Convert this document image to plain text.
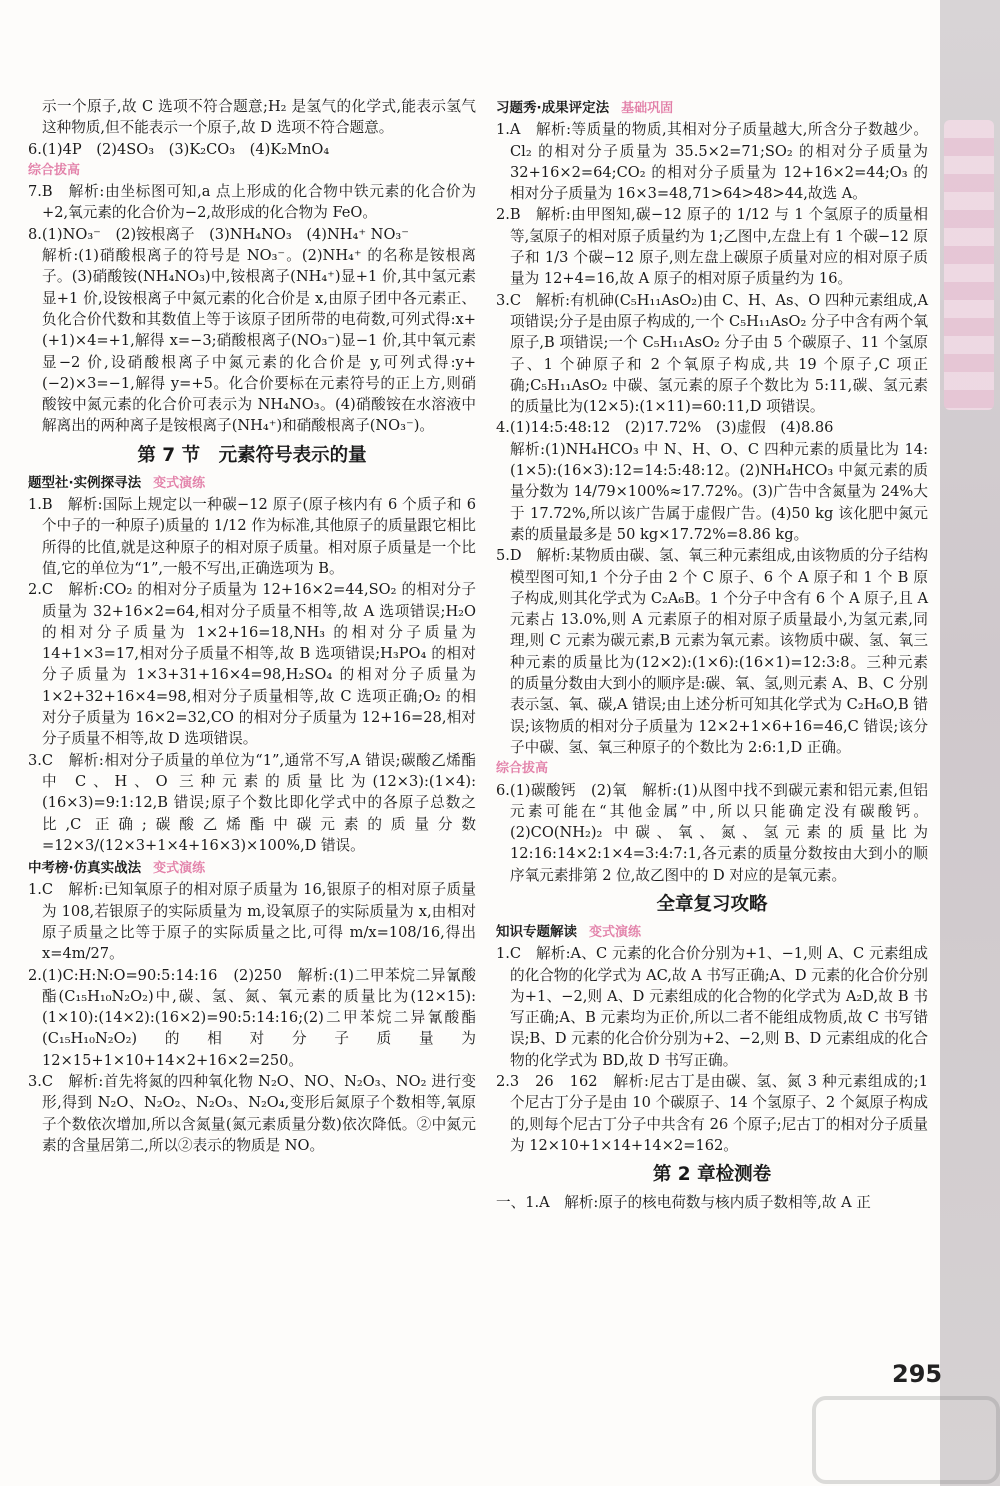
示一个原子,故 C 选项不符合题意;H₂ 是氢气的化学式,能表示氢气这种物质,但不能表示一个原子,故 D 选项不符合题意。
6.(1)4P　(2)4SO₃　(3)K₂CO₃　(4)K₂MnO₄
综合拔高
7.B　解析:由坐标图可知,a 点上形成的化合物中铁元素的化合价为+2,氧元素的化合价为−2,故形成的化合物为 FeO。
8.(1)NO₃⁻　(2)铵根离子　(3)NH₄NO₃　(4)NH₄⁺ NO₃⁻
解析:(1)硝酸根离子的符号是 NO₃⁻。(2)NH₄⁺ 的名称是铵根离子。(3)硝酸铵(NH₄NO₃)中,铵根离子(NH₄⁺)显+1 价,其中氢元素显+1 价,设铵根离子中氮元素的化合价是 x,由原子团中各元素正、负化合价代数和其数值上等于该原子团所带的电荷数,可列式得:x+(+1)×4=+1,解得 x=−3;硝酸根离子(NO₃⁻)显−1 价,其中氧元素显−2 价,设硝酸根离子中氮元素的化合价是 y,可列式得:y+(−2)×3=−1,解得 y=+5。化合价要标在元素符号的正上方,则硝酸铵中氮元素的化合价可表示为 NH₄NO₃。(4)硝酸铵在水溶液中解离出的两种离子是铵根离子(NH₄⁺)和硝酸根离子(NO₃⁻)。
第 7 节　元素符号表示的量
题型社·实例探寻法 变式演练
1.B　解析:国际上规定以一种碳−12 原子(原子核内有 6 个质子和 6 个中子的一种原子)质量的 1/12 作为标准,其他原子的质量跟它相比所得的比值,就是这种原子的相对原子质量。相对原子质量是一个比值,它的单位为“1”,一般不写出,正确选项为 B。
2.C　解析:CO₂ 的相对分子质量为 12+16×2=44,SO₂ 的相对分子质量为 32+16×2=64,相对分子质量不相等,故 A 选项错误;H₂O 的相对分子质量为 1×2+16=18,NH₃ 的相对分子质量为 14+1×3=17,相对分子质量不相等,故 B 选项错误;H₃PO₄ 的相对分子质量为 1×3+31+16×4=98,H₂SO₄ 的相对分子质量为 1×2+32+16×4=98,相对分子质量相等,故 C 选项正确;O₂ 的相对分子质量为 16×2=32,CO 的相对分子质量为 12+16=28,相对分子质量不相等,故 D 选项错误。
3.C　解析:相对分子质量的单位为“1”,通常不写,A 错误;碳酸乙烯酯中 C、H、O 三种元素的质量比为(12×3):(1×4):(16×3)=9:1:12,B 错误;原子个数比即化学式中的各原子总数之比,C 正确;碳酸乙烯酯中碳元素的质量分数=12×3/(12×3+1×4+16×3)×100%,D 错误。
中考榜·仿真实战法 变式演练
1.C　解析:已知氧原子的相对原子质量为 16,银原子的相对原子质量为 108,若银原子的实际质量为 m,设氧原子的实际质量为 x,由相对原子质量之比等于原子的实际质量之比,可得 m/x=108/16,得出 x=4m/27。
2.(1)C:H:N:O=90:5:14:16　(2)250　解析:(1)二甲苯烷二异氰酸酯(C₁₅H₁₀N₂O₂)中,碳、氢、氮、氧元素的质量比为(12×15):(1×10):(14×2):(16×2)=90:5:14:16;(2)二甲苯烷二异氰酸酯(C₁₅H₁₀N₂O₂)的相对分子质量为 12×15+1×10+14×2+16×2=250。
3.C　解析:首先将氮的四种氧化物 N₂O、NO、N₂O₃、NO₂ 进行变形,得到 N₂O、N₂O₂、N₂O₃、N₂O₄,变形后氮原子个数相等,氧原子个数依次增加,所以含氮量(氮元素质量分数)依次降低。②中氮元素的含量居第二,所以②表示的物质是 NO。
习题秀·成果评定法 基础巩固
1.A　解析:等质量的物质,其相对分子质量越大,所含分子数越少。Cl₂ 的相对分子质量为 35.5×2=71;SO₂ 的相对分子质量为 32+16×2=64;CO₂ 的相对分子质量为 12+16×2=44;O₃ 的相对分子质量为 16×3=48,71>64>48>44,故选 A。
2.B　解析:由甲图知,碳−12 原子的 1/12 与 1 个氢原子的质量相等,氢原子的相对原子质量约为 1;乙图中,左盘上有 1 个碳−12 原子和 1/3 个碳−12 原子,则左盘上碳原子质量对应的相对原子质量为 12+4=16,故 A 原子的相对原子质量约为 16。
3.C　解析:有机砷(C₅H₁₁AsO₂)由 C、H、As、O 四种元素组成,A 项错误;分子是由原子构成的,一个 C₅H₁₁AsO₂ 分子中含有两个氧原子,B 项错误;一个 C₅H₁₁AsO₂ 分子由 5 个碳原子、11 个氢原子、1 个砷原子和 2 个氧原子构成,共 19 个原子,C 项正确;C₅H₁₁AsO₂ 中碳、氢元素的原子个数比为 5:11,碳、氢元素的质量比为(12×5):(1×11)=60:11,D 项错误。
4.(1)14:5:48:12　(2)17.72%　(3)虚假　(4)8.86
解析:(1)NH₄HCO₃ 中 N、H、O、C 四种元素的质量比为 14:(1×5):(16×3):12=14:5:48:12。(2)NH₄HCO₃ 中氮元素的质量分数为 14/79×100%≈17.72%。(3)广告中含氮量为 24%大于 17.72%,所以该广告属于虚假广告。(4)50 kg 该化肥中氮元素的质量最多是 50 kg×17.72%=8.86 kg。
5.D　解析:某物质由碳、氢、氧三种元素组成,由该物质的分子结构模型图可知,1 个分子由 2 个 C 原子、6 个 A 原子和 1 个 B 原子构成,则其化学式为 C₂A₆B。1 个分子中含有 6 个 A 原子,且 A 元素占 13.0%,则 A 元素原子的相对原子质量最小,为氢元素,同理,则 C 元素为碳元素,B 元素为氧元素。该物质中碳、氢、氧三种元素的质量比为(12×2):(1×6):(16×1)=12:3:8。三种元素的质量分数由大到小的顺序是:碳、氧、氢,则元素 A、B、C 分别表示氢、氧、碳,A 错误;由上述分析可知其化学式为 C₂H₆O,B 错误;该物质的相对分子质量为 12×2+1×6+16=46,C 错误;该分子中碳、氢、氧三种原子的个数比为 2:6:1,D 正确。
综合拔高
6.(1)碳酸钙　(2)氧　解析:(1)从图中找不到碳元素和铝元素,但铝元素可能在“其他金属”中,所以只能确定没有碳酸钙。(2)CO(NH₂)₂ 中碳、氧、氮、氢元素的质量比为 12:16:14×2:1×4=3:4:7:1,各元素的质量分数按由大到小的顺序氧元素排第 2 位,故乙图中的 D 对应的是氧元素。
全章复习攻略
知识专题解读 变式演练
1.C　解析:A、C 元素的化合价分别为+1、−1,则 A、C 元素组成的化合物的化学式为 AC,故 A 书写正确;A、D 元素的化合价分别为+1、−2,则 A、D 元素组成的化合物的化学式为 A₂D,故 B 书写正确;A、B 元素均为正价,所以二者不能组成物质,故 C 书写错误;B、D 元素的化合价分别为+2、−2,则 B、D 元素组成的化合物的化学式为 BD,故 D 书写正确。
2.3　26　162　解析:尼古丁是由碳、氢、氮 3 种元素组成的;1 个尼古丁分子是由 10 个碳原子、14 个氢原子、2 个氮原子构成的,则每个尼古丁分子中共含有 26 个原子;尼古丁的相对分子质量为 12×10+1×14+14×2=162。
第 2 章检测卷
一、1.A　解析:原子的核电荷数与核内质子数相等,故 A 正
295
